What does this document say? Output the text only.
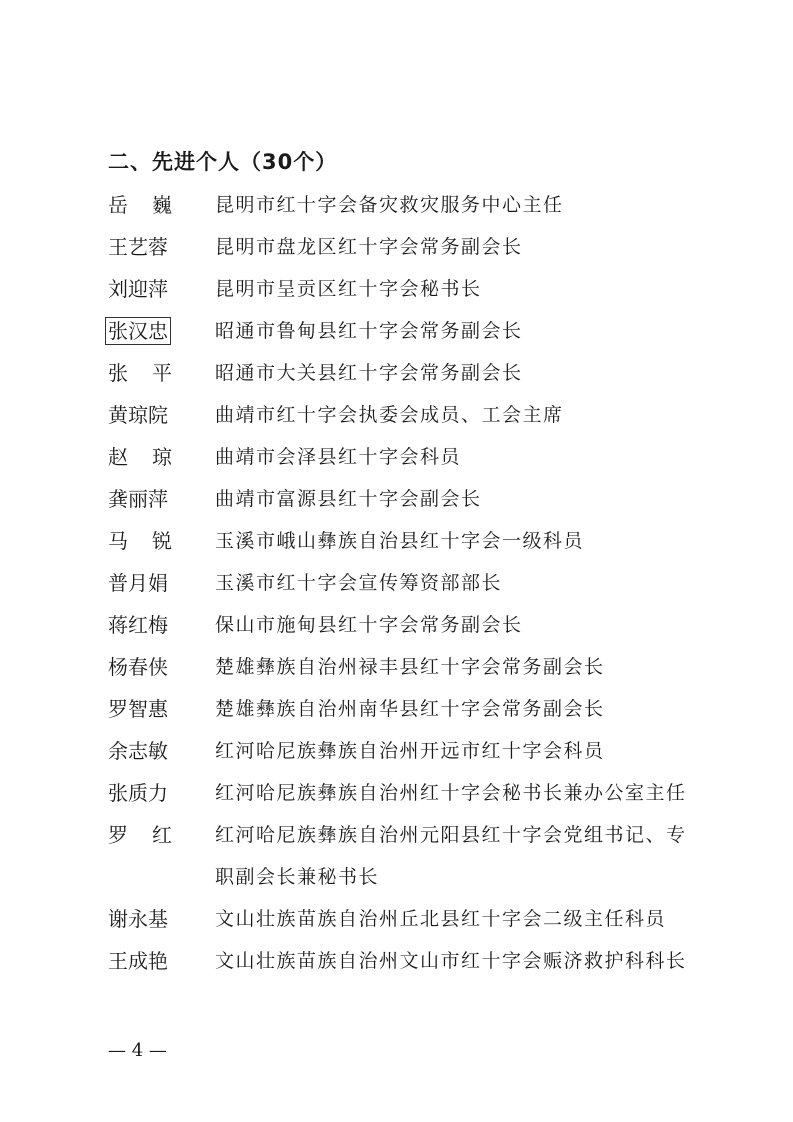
二、先进个人（30个）
岳 巍 昆明市红十字会备灾救灾服务中心主任
王艺蓉	昆明市盘龙区红十字会常务副会长
刘迎萍	昆明市呈贡区红十字会秘书长
张汉忠	昭通市鲁甸县红十字会常务副会长
张 平 昭通市大关县红十字会常务副会长
黄琼院	曲靖市红十字会执委会成员、工会主席
赵 琼 曲靖市会泽县红十字会科员
龚丽萍	曲靖市富源县红十字会副会长
马 锐 玉溪市峨山彝族自治县红十字会一级科员
普月娟	玉溪市红十字会宣传筹资部部长
蒋红梅	保山市施甸县红十字会常务副会长
杨春侠	楚雄彝族自治州禄丰县红十字会常务副会长
罗智惠	楚雄彝族自治州南华县红十字会常务副会长
余志敏	红河哈尼族彝族自治州开远市红十字会科员
张质力	红河哈尼族彝族自治州红十字会秘书长兼办公室主任
罗 红 红河哈尼族彝族自治州元阳县红十字会党组书记、专职副会长兼秘书长
谢永基	文山壮族苗族自治州丘北县红十字会二级主任科员
王成艳	文山壮族苗族自治州文山市红十字会赈济救护科科长
— 4 —
